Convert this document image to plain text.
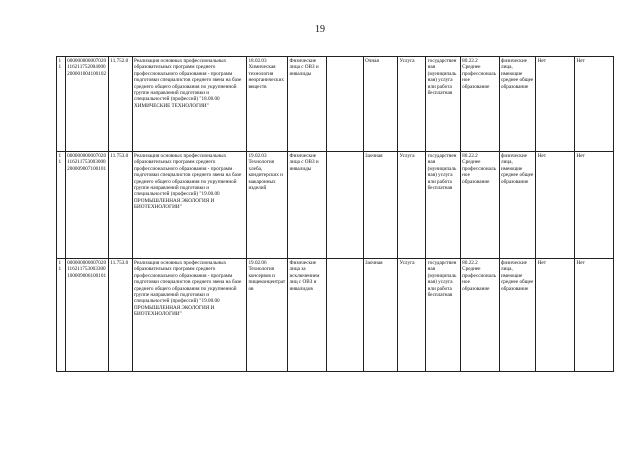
19
11	000000000007020116211752004000200001004100102	11.752.0	Реализация основных профессиональных образовательных программ среднего профессионального образования - программ подготовки специалистов среднего звена на базе среднего общего образования по укрупненной группе направлений подготовки и специальностей (профессий) "18.00.00 ХИМИЧЕСКИЕ ТЕХНОЛОГИИ"	18.02.03 Химическая технология неорганических веществ	Физические лица с ОВЗ и инвалиды		Очная	Услуга	государственная (муниципальная) услуга или работа бесплатная	80.22.2 Среднее профессиональное образование	физические лица, имеющие среднее общее образование	Нет	Нет
11	000000000007020116211753003000200009007100101	11.753.0	Реализация основных профессиональных образовательных программ среднего профессионального образования - программ подготовки специалистов среднего звена на базе среднего общего образования по укрупненной группе направлений подготовки и специальностей (профессий) "19.00.00 ПРОМЫШЛЕННАЯ ЭКОЛОГИЯ И БИОТЕХНОЛОГИИ"	19.02.03 Технология хлеба, кондитерских и макаронных изделий	Физические лица с ОВЗ и инвалиды		Заочная	Услуга	государственная (муниципальная) услуга или работа бесплатная	80.22.2 Среднее профессиональное образование	физические лица, имеющие среднее общее образование	Нет	Нет
11	000000000007020116211753003300100009006100101	11.753.0	Реализация основных профессиональных образовательных программ среднего профессионального образования - программ подготовки специалистов среднего звена на базе среднего общего образования по укрупненной группе направлений подготовки и специальностей (профессий) "19.00.00 ПРОМЫШЛЕННАЯ ЭКОЛОГИЯ И БИОТЕХНОЛОГИИ"	19.02.06 Технология консервов и пищеконцентратов	Физические лица за исключением лиц с ОВЗ и инвалидов		Заочная	Услуга	государственная (муниципальная) услуга или работа бесплатная	80.22.2 Среднее профессиональное образование	физические лица, имеющие среднее общее образование	Нет	Нет
